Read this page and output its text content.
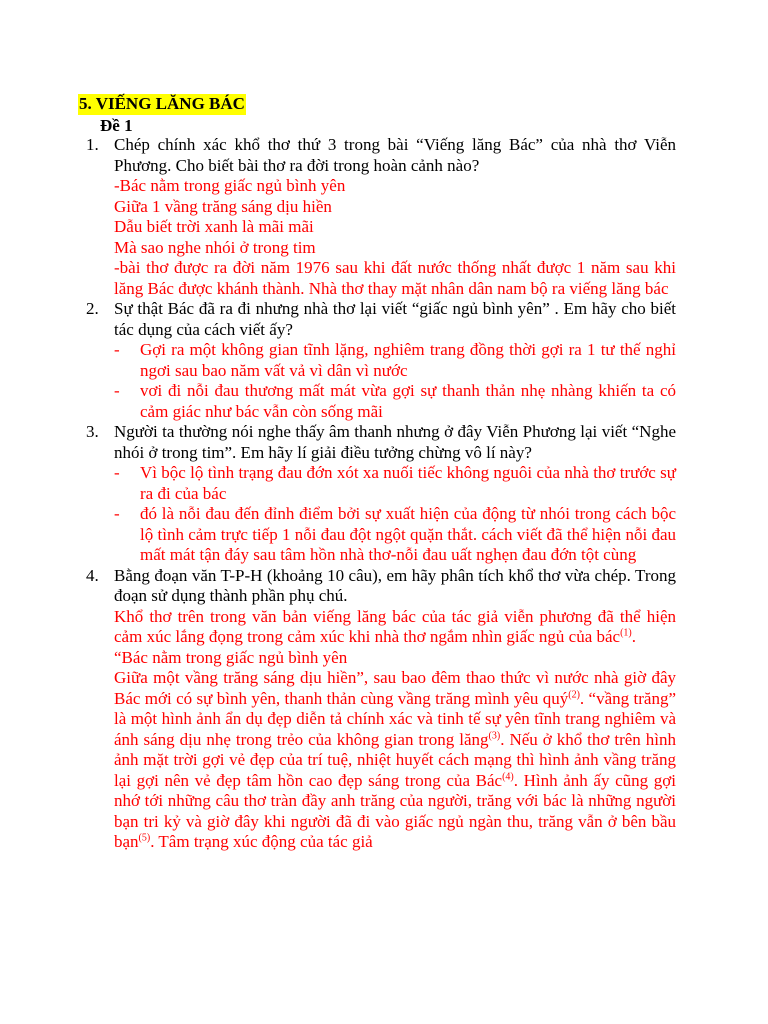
5. VIẾNG LĂNG BÁC
Đề 1
1. Chép chính xác khổ thơ thứ 3 trong bài “Viếng lăng Bác” của nhà thơ Viễn Phương. Cho biết bài thơ ra đời trong hoàn cảnh nào?

-Bác nằm trong giấc ngủ bình yên

Giữa 1 vầng trăng sáng dịu hiền

Dẫu biết trời xanh là mãi mãi

Mà sao nghe nhói ở trong tim

-bài thơ được ra đời năm 1976 sau khi đất nước thống nhất được 1 năm sau khi lăng Bác được khánh thành. Nhà thơ thay mặt nhân dân nam bộ ra viếng lăng bác

2. Sự thật Bác đã ra đi nhưng nhà thơ lại viết “giấc ngủ bình yên” . Em hãy cho biết tác dụng của cách viết ấy?

- Gợi ra một không gian tĩnh lặng, nghiêm trang đồng thời gợi ra 1 tư thế nghỉ ngơi sau bao năm vất vả vì dân vì nước

- vơi đi nỗi đau thương mất mát vừa gợi sự thanh thản nhẹ nhàng khiến ta có cảm giác như bác vẫn còn sống mãi

3. Người ta thường nói nghe thấy âm thanh nhưng ở đây Viễn Phương lại viết “Nghe nhói ở trong tim”. Em hãy lí giải điều tưởng chừng vô lí này?

- Vì bộc lộ tình trạng đau đớn xót xa nuối tiếc không nguôi của nhà thơ trước sự ra đi của bác

- đó là nỗi đau đến đỉnh điểm bởi sự xuất hiện của động từ nhói trong cách bộc lộ tình cảm trực tiếp 1 nỗi đau đột ngột quặn thắt. cách viết đã thể hiện nỗi đau mất mát tận đáy sau tâm hồn nhà thơ-nỗi đau uất nghẹn đau đớn tột cùng

4. Bằng đoạn văn T-P-H (khoảng 10 câu), em hãy phân tích khổ thơ vừa chép. Trong đoạn sử dụng thành phần phụ chú.

Khổ thơ trên trong văn bản viếng lăng bác của tác giả viễn phương đã thể hiện cảm xúc lắng đọng trong cảm xúc khi nhà thơ ngắm nhìn giấc ngủ của bác$^{(1)}$.

“Bác nằm trong giấc ngủ bình yên

Giữa một vầng trăng sáng dịu hiền”, sau bao đêm thao thức vì nước nhà giờ đây Bác mới có sự bình yên, thanh thản cùng vầng trăng mình yêu quý$^{(2)}$. “vầng trăng” là một hình ảnh ẩn dụ đẹp diễn tả chính xác và tinh tế sự yên tĩnh trang nghiêm và ánh sáng dịu nhẹ trong trẻo của không gian trong lăng$^{(3)}$. Nếu ở khổ thơ trên hình ảnh mặt trời gợi vẻ đẹp của trí tuệ, nhiệt huyết cách mạng thì hình ảnh vầng trăng lại gợi nên vẻ đẹp tâm hồn cao đẹp sáng trong của Bác$^{(4)}$. Hình ảnh ấy cũng gợi nhớ tới những câu thơ tràn đầy anh trăng của người, trăng với bác là những người bạn tri kỷ và giờ đây khi người đã đi vào giấc ngủ ngàn thu, trăng vẫn ở bên bầu bạn$^{(5)}$. Tâm trạng xúc động của tác giả
